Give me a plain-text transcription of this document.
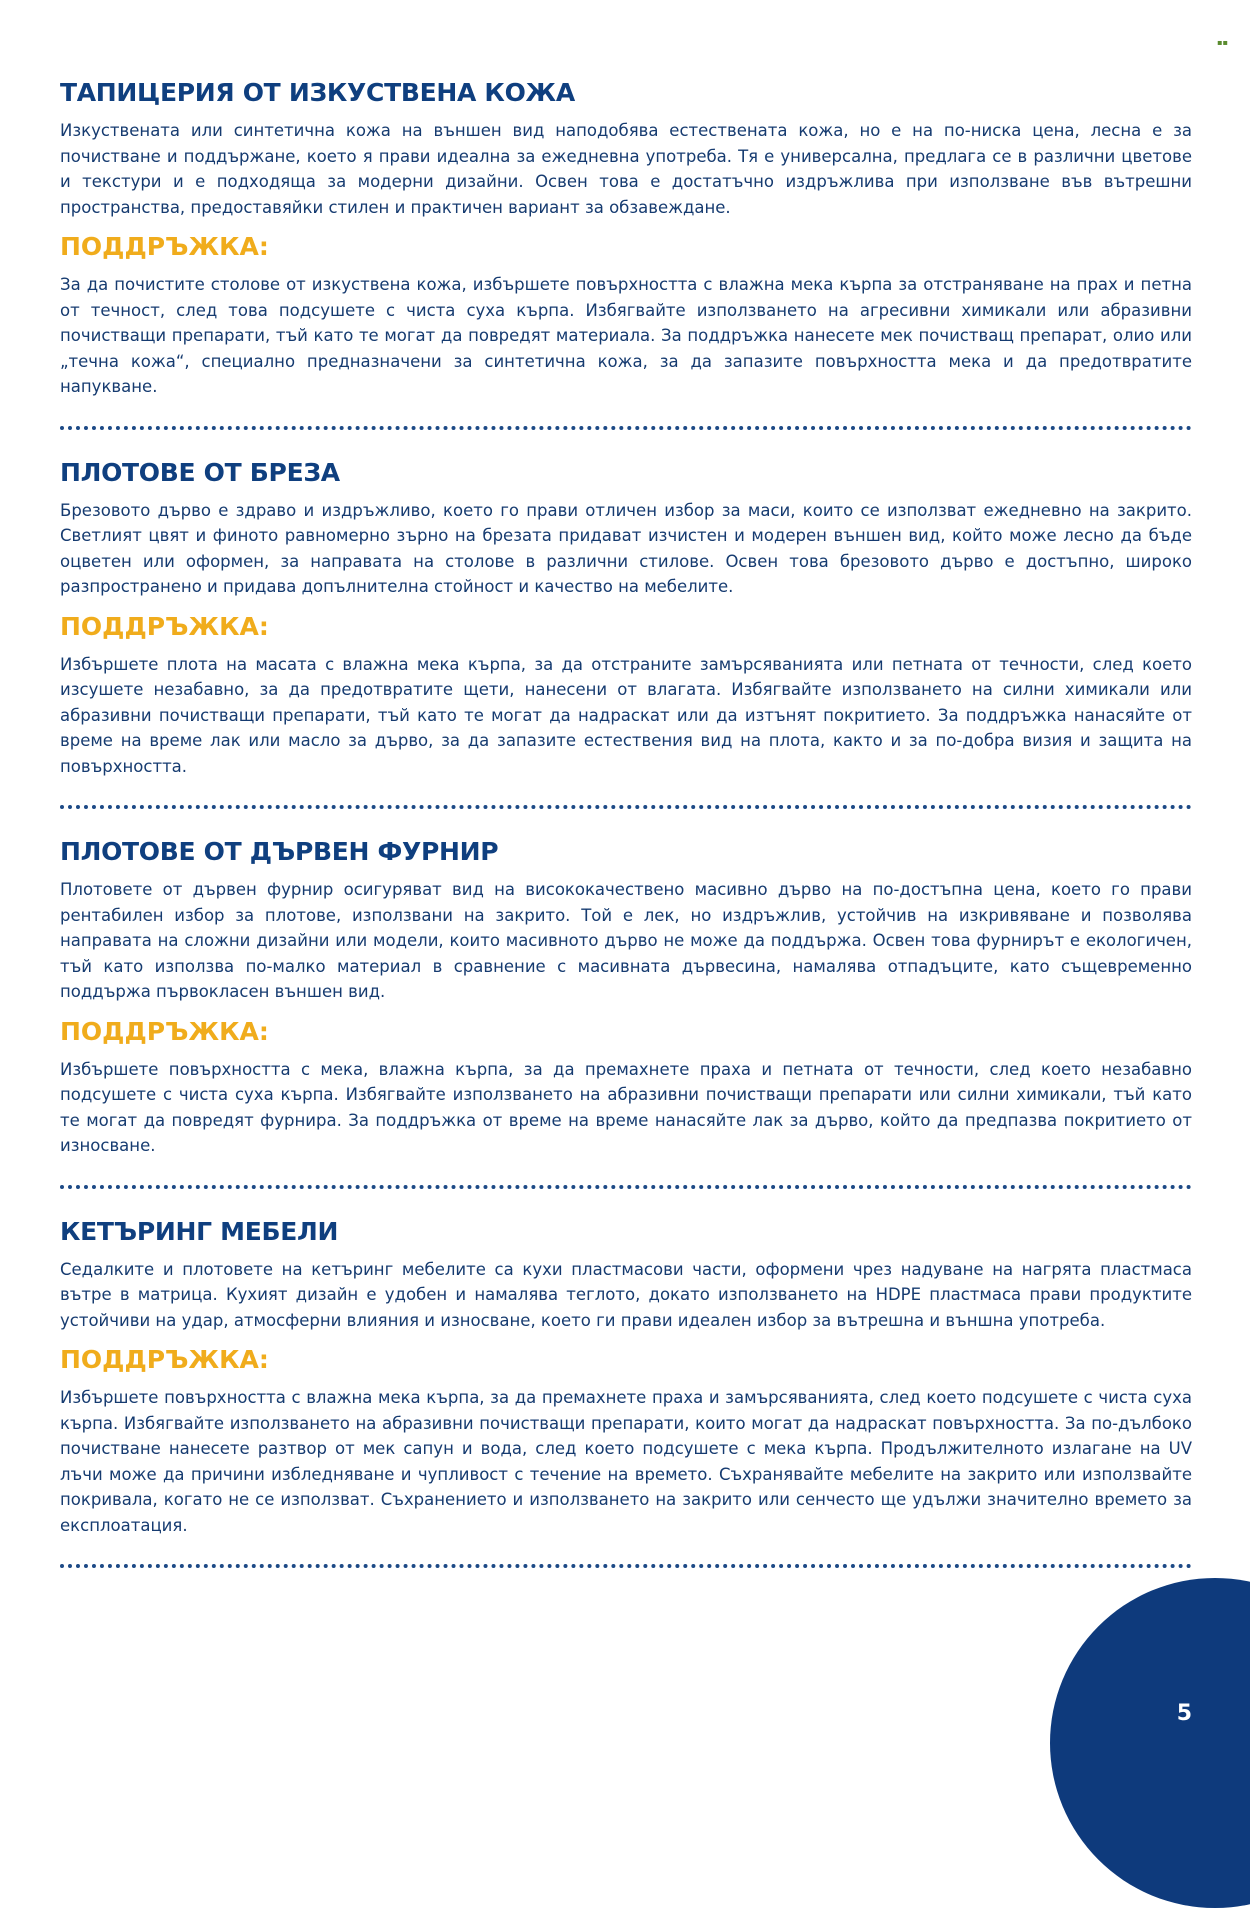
ТАПИЦЕРИЯ ОТ ИЗКУСТВЕНА КОЖА

Изкуствената или синтетична кожа на външен вид наподобява естествената кожа, но е на по-ниска цена, лесна е за почистване и поддържане, което я прави идеална за ежедневна употреба. Тя е универсална, предлага се в различни цветове и текстури и е подходяща за модерни дизайни. Освен това е достатъчно издръжлива при използване във вътрешни пространства, предоставяйки стилен и практичен вариант за обзавеждане.

ПОДДРЪЖКА:

За да почистите столове от изкуствена кожа, избършете повърхността с влажна мека кърпа за отстраняване на прах и петна от течност, след това подсушете с чиста суха кърпа. Избягвайте използването на агресивни химикали или абразивни почистващи препарати, тъй като те могат да повредят материала. За поддръжка нанесете мек почистващ препарат, олио или „течна кожа“, специално предназначени за синтетична кожа, за да запазите повърхността мека и да предотвратите напукване.

ПЛОТОВЕ ОТ БРЕЗА

Брезовото дърво е здраво и издръжливо, което го прави отличен избор за маси, които се използват ежедневно на закрито. Светлият цвят и финото равномерно зърно на брезата придават изчистен и модерен външен вид, който може лесно да бъде оцветен или оформен, за направата на столове в различни стилове. Освен това брезовото дърво е достъпно, широко разпространено и придава допълнителна стойност и качество на мебелите.

ПОДДРЪЖКА:

Избършете плота на масата с влажна мека кърпа, за да отстраните замърсяванията или петната от течности, след което изсушете незабавно, за да предотвратите щети, нанесени от влагата. Избягвайте използването на силни химикали или абразивни почистващи препарати, тъй като те могат да надраскат или да изтънят покритието. За поддръжка нанасяйте от време на време лак или масло за дърво, за да запазите естествения вид на плота, както и за по-добра визия и защита на повърхността.

ПЛОТОВЕ ОТ ДЪРВЕН ФУРНИР

Плотовете от дървен фурнир осигуряват вид на висококачествено масивно дърво на по-достъпна цена, което го прави рентабилен избор за плотове, използвани на закрито. Той е лек, но издръжлив, устойчив на изкривяване и позволява направата на сложни дизайни или модели, които масивното дърво не може да поддържа. Освен това фурнирът е екологичен, тъй като използва по-малко материал в сравнение с масивната дървесина, намалява отпадъците, като същевременно поддържа първокласен външен вид.

ПОДДРЪЖКА:

Избършете повърхността с мека, влажна кърпа, за да премахнете праха и петната от течности, след което незабавно подсушете с чиста суха кърпа. Избягвайте използването на абразивни почистващи препарати или силни химикали, тъй като те могат да повредят фурнира. За поддръжка от време на време нанасяйте лак за дърво, който да предпазва покритието от износване.

КЕТЪРИНГ МЕБЕЛИ

Седалките и плотовете на кетъринг мебелите са кухи пластмасови части, оформени чрез надуване на нагрята пластмаса вътре в матрица. Кухият дизайн е удобен и намалява теглото, докато използването на HDPE пластмаса прави продуктите устойчиви на удар, атмосферни влияния и износване, което ги прави идеален избор за вътрешна и външна употреба.

ПОДДРЪЖКА:

Избършете повърхността с влажна мека кърпа, за да премахнете праха и замърсяванията, след което подсушете с чиста суха кърпа. Избягвайте използването на абразивни почистващи препарати, които могат да надраскат повърхността. За по-дълбоко почистване нанесете разтвор от мек сапун и вода, след което подсушете с мека кърпа. Продължителното излагане на UV лъчи може да причини избледняване и чупливост с течение на времето. Съхранявайте мебелите на закрито или използвайте покривала, когато не се използват. Съхранението и използването на закрито или сенчесто ще удължи значително времето за експлоатация.

▪▪
5
